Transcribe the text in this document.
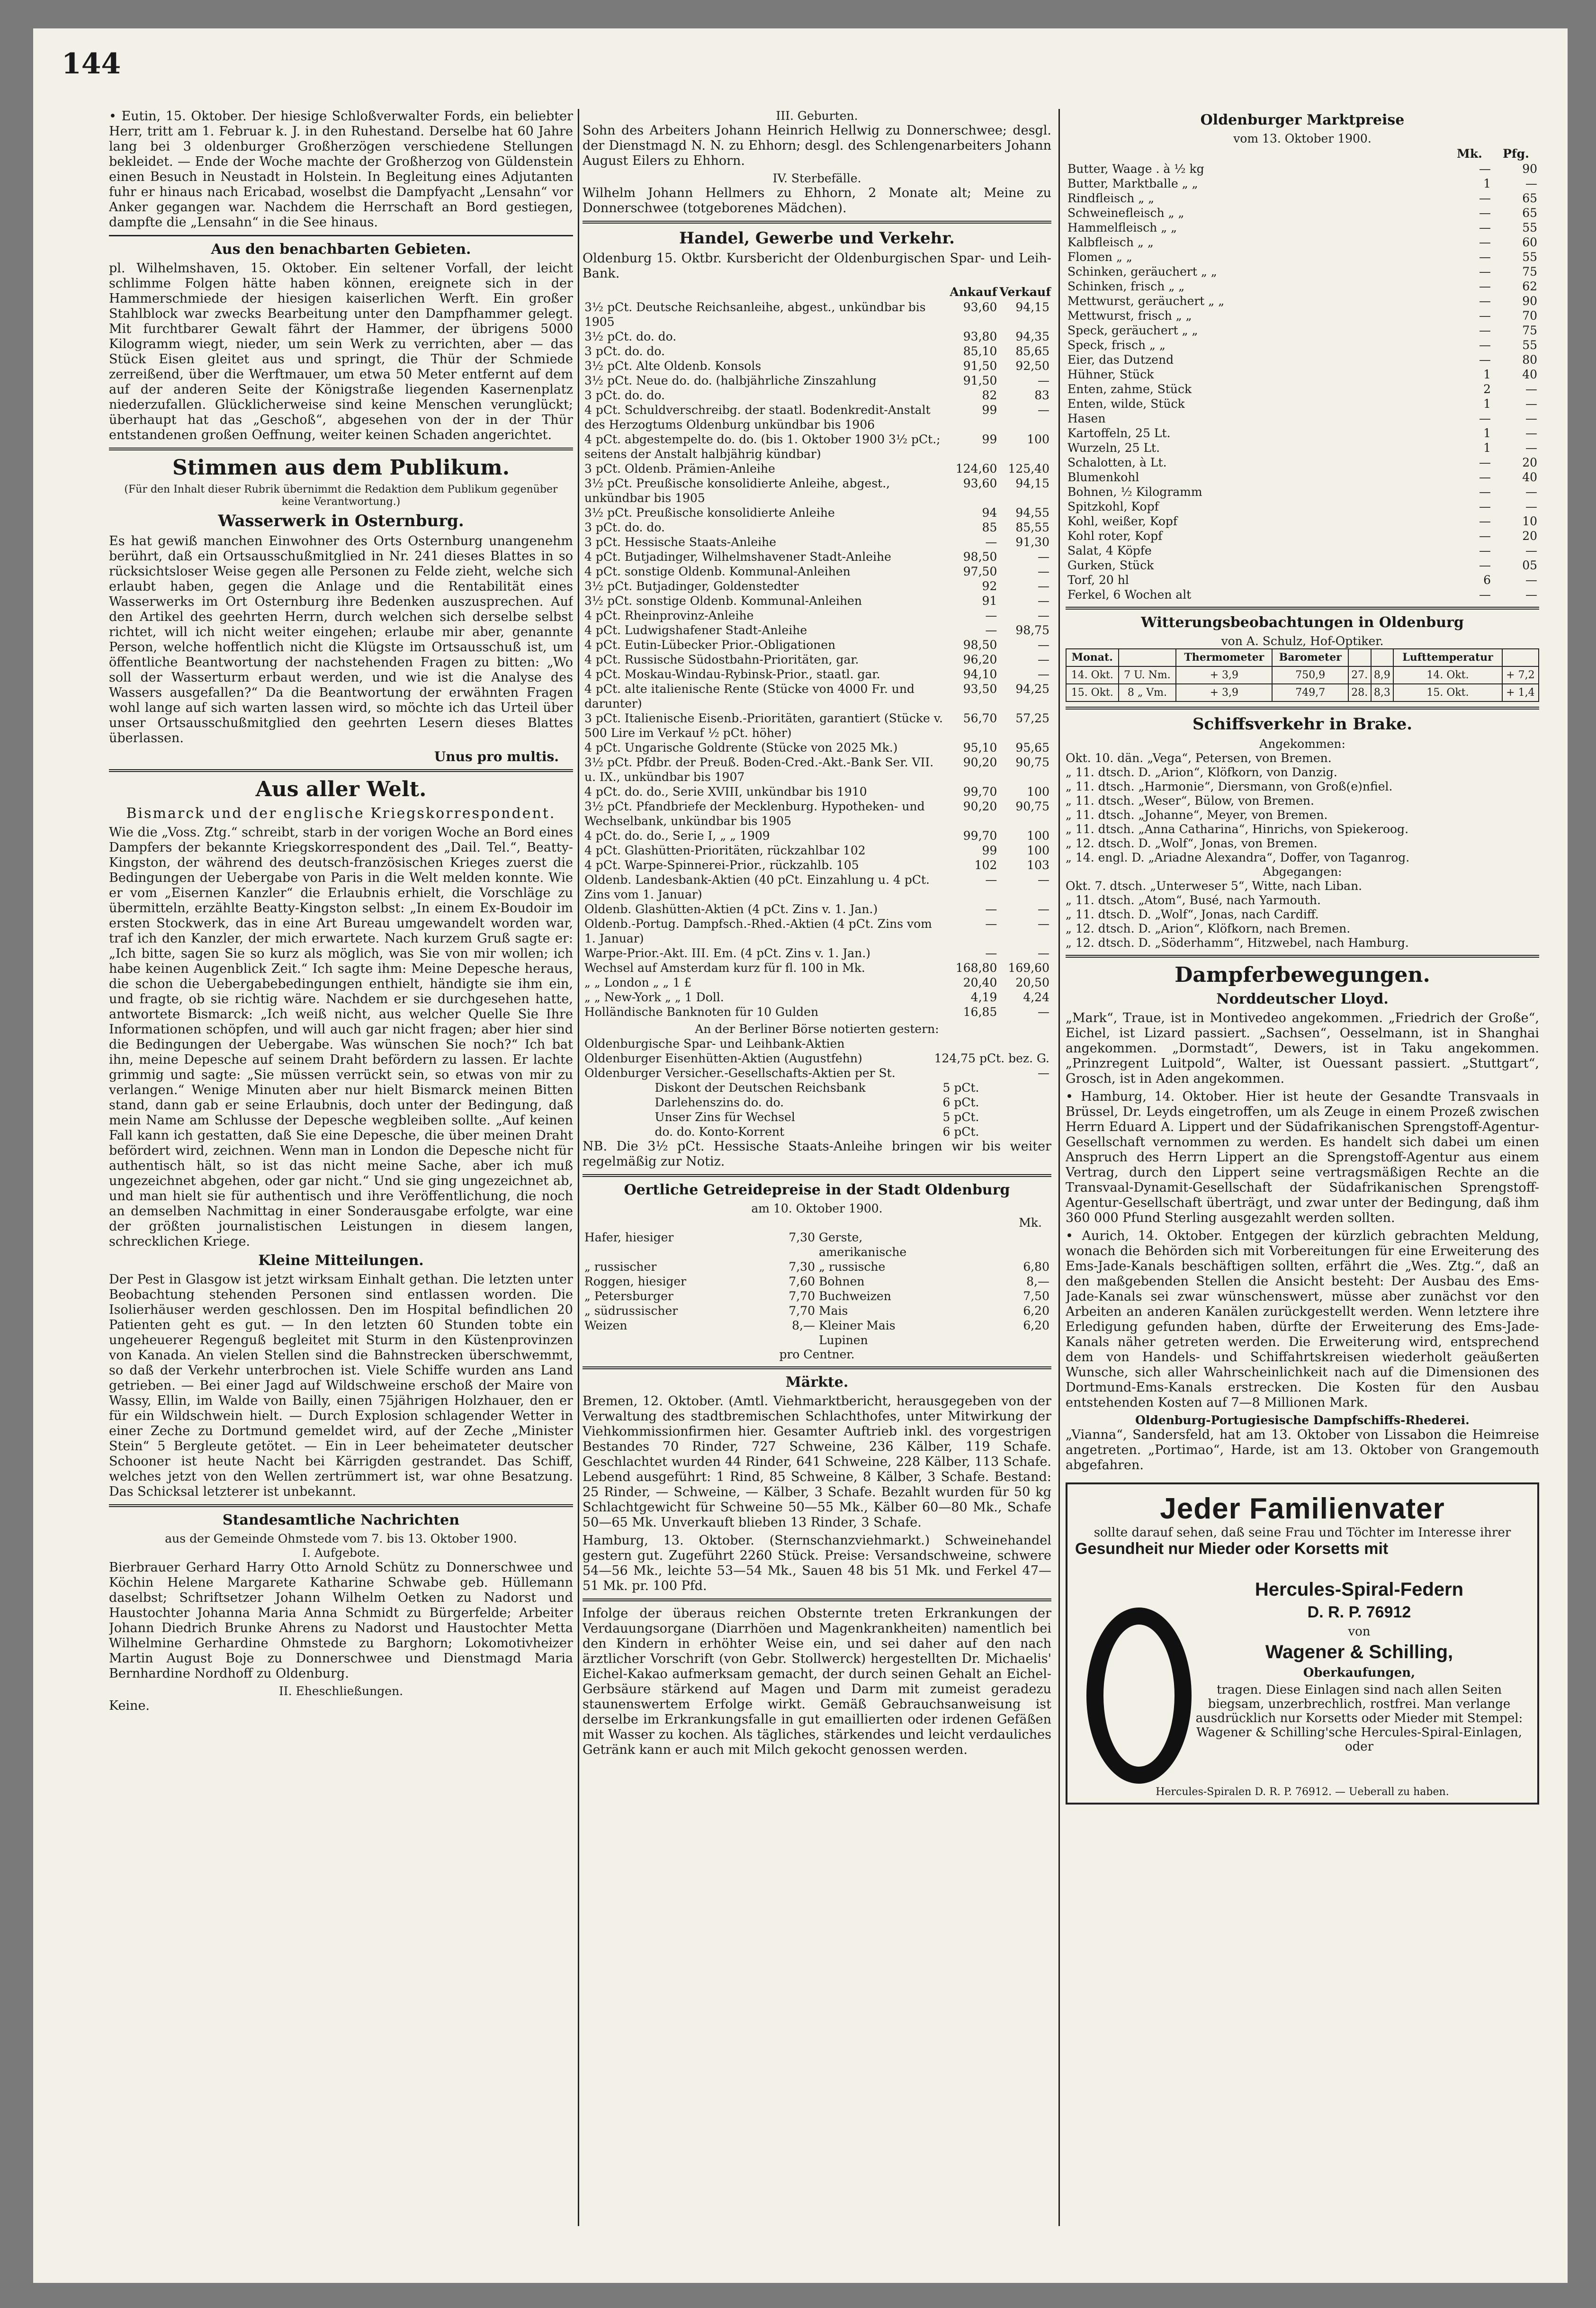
144

• Eutin, 15. Oktober. Der hiesige Schloßverwalter Fords, ein beliebter Herr, tritt am 1. Februar k. J. in den Ruhestand. Derselbe hat 60 Jahre lang bei 3 oldenburger Großherzögen verschiedene Stellungen bekleidet. — Ende der Woche machte der Großherzog von Güldenstein einen Besuch in Neustadt in Holstein. In Begleitung eines Adjutanten fuhr er hinaus nach Ericabad, woselbst die Dampfyacht „Lensahn“ vor Anker gegangen war. Nachdem die Herrschaft an Bord gestiegen, dampfte die „Lensahn“ in die See hinaus.

Aus den benachbarten Gebieten.

pl. Wilhelmshaven, 15. Oktober. Ein seltener Vorfall, der leicht schlimme Folgen hätte haben können, ereignete sich in der Hammerschmiede der hiesigen kaiserlichen Werft. Ein großer Stahlblock war zwecks Bearbeitung unter den Dampfhammer gelegt. Mit furchtbarer Gewalt fährt der Hammer, der übrigens 5000 Kilogramm wiegt, nieder, um sein Werk zu verrichten, aber — das Stück Eisen gleitet aus und springt, die Thür der Schmiede zerreißend, über die Werftmauer, um etwa 50 Meter entfernt auf dem auf der anderen Seite der Königstraße liegenden Kasernenplatz niederzufallen. Glücklicherweise sind keine Menschen verunglückt; überhaupt hat das „Geschoß“, abgesehen von der in der Thür entstandenen großen Oeffnung, weiter keinen Schaden angerichtet.

Stimmen aus dem Publikum.
(Für den Inhalt dieser Rubrik übernimmt die Redaktion dem Publikum gegenüber keine Verantwortung.)
Wasserwerk in Osternburg.

Es hat gewiß manchen Einwohner des Orts Osternburg unangenehm berührt, daß ein Ortsausschußmitglied in Nr. 241 dieses Blattes in so rücksichtsloser Weise gegen alle Personen zu Felde zieht, welche sich erlaubt haben, gegen die Anlage und die Rentabilität eines Wasserwerks im Ort Osternburg ihre Bedenken auszusprechen. Auf den Artikel des geehrten Herrn, durch welchen sich derselbe selbst richtet, will ich nicht weiter eingehen; erlaube mir aber, genannte Person, welche hoffentlich nicht die Klügste im Ortsausschuß ist, um öffentliche Beantwortung der nachstehenden Fragen zu bitten: „Wo soll der Wasserturm erbaut werden, und wie ist die Analyse des Wassers ausgefallen?“ Da die Beantwortung der erwähnten Fragen wohl lange auf sich warten lassen wird, so möchte ich das Urteil über unser Ortsausschußmitglied den geehrten Lesern dieses Blattes überlassen.

Unus pro multis.
Aus aller Welt.
Bismarck und der englische Kriegskorrespondent.

Wie die „Voss. Ztg.“ schreibt, starb in der vorigen Woche an Bord eines Dampfers der bekannte Kriegskorrespondent des „Dail. Tel.“, Beatty-Kingston, der während des deutsch-französischen Krieges zuerst die Bedingungen der Uebergabe von Paris in die Welt melden konnte. Wie er vom „Eisernen Kanzler“ die Erlaubnis erhielt, die Vorschläge zu übermitteln, erzählte Beatty-Kingston selbst: „In einem Ex-Boudoir im ersten Stockwerk, das in eine Art Bureau umgewandelt worden war, traf ich den Kanzler, der mich erwartete. Nach kurzem Gruß sagte er: „Ich bitte, sagen Sie so kurz als möglich, was Sie von mir wollen; ich habe keinen Augenblick Zeit.“ Ich sagte ihm: Meine Depesche heraus, die schon die Uebergabebedingungen enthielt, händigte sie ihm ein, und fragte, ob sie richtig wäre. Nachdem er sie durchgesehen hatte, antwortete Bismarck: „Ich weiß nicht, aus welcher Quelle Sie Ihre Informationen schöpfen, und will auch gar nicht fragen; aber hier sind die Bedingungen der Uebergabe. Was wünschen Sie noch?“ Ich bat ihn, meine Depesche auf seinem Draht befördern zu lassen. Er lachte grimmig und sagte: „Sie müssen verrückt sein, so etwas von mir zu verlangen.“ Wenige Minuten aber nur hielt Bismarck meinen Bitten stand, dann gab er seine Erlaubnis, doch unter der Bedingung, daß mein Name am Schlusse der Depesche wegbleiben sollte. „Auf keinen Fall kann ich gestatten, daß Sie eine Depesche, die über meinen Draht befördert wird, zeichnen. Wenn man in London die Depesche nicht für authentisch hält, so ist das nicht meine Sache, aber ich muß ungezeichnet abgehen, oder gar nicht.“ Und sie ging ungezeichnet ab, und man hielt sie für authentisch und ihre Veröffentlichung, die noch an demselben Nachmittag in einer Sonderausgabe erfolgte, war eine der größten journalistischen Leistungen in diesem langen, schrecklichen Kriege.

Kleine Mitteilungen.

Der Pest in Glasgow ist jetzt wirksam Einhalt gethan. Die letzten unter Beobachtung stehenden Personen sind entlassen worden. Die Isolierhäuser werden geschlossen. Den im Hospital befindlichen 20 Patienten geht es gut. — In den letzten 60 Stunden tobte ein ungeheuerer Regenguß begleitet mit Sturm in den Küstenprovinzen von Kanada. An vielen Stellen sind die Bahnstrecken überschwemmt, so daß der Verkehr unterbrochen ist. Viele Schiffe wurden ans Land getrieben. — Bei einer Jagd auf Wildschweine erschoß der Maire von Wassy, Ellin, im Walde von Bailly, einen 75jährigen Holzhauer, den er für ein Wildschwein hielt. — Durch Explosion schlagender Wetter in einer Zeche zu Dortmund gemeldet wird, auf der Zeche „Minister Stein“ 5 Bergleute getötet. — Ein in Leer beheimateter deutscher Schooner ist heute Nacht bei Kärrigden gestrandet. Das Schiff, welches jetzt von den Wellen zertrümmert ist, war ohne Besatzung. Das Schicksal letzterer ist unbekannt.

Standesamtliche Nachrichten
aus der Gemeinde Ohmstede vom 7. bis 13. Oktober 1900.
I. Aufgebote.

Bierbrauer Gerhard Harry Otto Arnold Schütz zu Donnerschwee und Köchin Helene Margarete Katharine Schwabe geb. Hüllemann daselbst; Schriftsetzer Johann Wilhelm Oetken zu Nadorst und Haustochter Johanna Maria Anna Schmidt zu Bürgerfelde; Arbeiter Johann Diedrich Brunke Ahrens zu Nadorst und Haustochter Metta Wilhelmine Gerhardine Ohmstede zu Barghorn; Lokomotivheizer Martin August Boje zu Donnerschwee und Dienstmagd Maria Bernhardine Nordhoff zu Oldenburg.

II. Eheschließungen.

Keine.

III. Geburten.

Sohn des Arbeiters Johann Heinrich Hellwig zu Donnerschwee; desgl. der Dienstmagd N. N. zu Ehhorn; desgl. des Schlengenarbeiters Johann August Eilers zu Ehhorn.

IV. Sterbefälle.

Wilhelm Johann Hellmers zu Ehhorn, 2 Monate alt; Meine zu Donnerschwee (totgeborenes Mädchen).

Handel, Gewerbe und Verkehr.

Oldenburg 15. Oktbr. Kursbericht der Oldenburgischen Spar- und Leih-Bank.

	Ankauf	Verkauf
3½ pCt. Deutsche Reichsanleihe, abgest., unkündbar bis 1905	93,60	94,15
3½ pCt. do. do.	93,80	94,35
3 pCt. do. do.	85,10	85,65
3½ pCt. Alte Oldenb. Konsols	91,50	92,50
3½ pCt. Neue do. do. (halbjährliche Zinszahlung	91,50	—
3 pCt. do. do.	82	83
4 pCt. Schuldverschreibg. der staatl. Bodenkredit-Anstalt des Herzogtums Oldenburg unkündbar bis 1906	99	—
4 pCt. abgestempelte do. do. (bis 1. Oktober 1900 3½ pCt.; seitens der Anstalt halbjährig kündbar)	99	100
3 pCt. Oldenb. Prämien-Anleihe	124,60	125,40
3½ pCt. Preußische konsolidierte Anleihe, abgest., unkündbar bis 1905	93,60	94,15
3½ pCt. Preußische konsolidierte Anleihe	94	94,55
3 pCt. do. do.	85	85,55
3 pCt. Hessische Staats-Anleihe	—	91,30
4 pCt. Butjadinger, Wilhelmshavener Stadt-Anleihe	98,50	—
4 pCt. sonstige Oldenb. Kommunal-Anleihen	97,50	—
3½ pCt. Butjadinger, Goldenstedter	92	—
3½ pCt. sonstige Oldenb. Kommunal-Anleihen	91	—
4 pCt. Rheinprovinz-Anleihe	—	—
4 pCt. Ludwigshafener Stadt-Anleihe	—	98,75
4 pCt. Eutin-Lübecker Prior.-Obligationen	98,50	—
4 pCt. Russische Südostbahn-Prioritäten, gar.	96,20	—
4 pCt. Moskau-Windau-Rybinsk-Prior., staatl. gar.	94,10	—
4 pCt. alte italienische Rente (Stücke von 4000 Fr. und darunter)	93,50	94,25
3 pCt. Italienische Eisenb.-Prioritäten, garantiert (Stücke v. 500 Lire im Verkauf ½ pCt. höher)	56,70	57,25
4 pCt. Ungarische Goldrente (Stücke von 2025 Mk.)	95,10	95,65
3½ pCt. Pfdbr. der Preuß. Boden-Cred.-Akt.-Bank Ser. VII. u. IX., unkündbar bis 1907	90,20	90,75
4 pCt. do. do., Serie XVIII, unkündbar bis 1910	99,70	100
3½ pCt. Pfandbriefe der Mecklenburg. Hypotheken- und Wechselbank, unkündbar bis 1905	90,20	90,75
4 pCt. do. do., Serie I, „ „ 1909	99,70	100
4 pCt. Glashütten-Prioritäten, rückzahlbar 102	99	100
4 pCt. Warpe-Spinnerei-Prior., rückzahlb. 105	102	103
Oldenb. Landesbank-Aktien (40 pCt. Einzahlung u. 4 pCt. Zins vom 1. Januar)	—	—
Oldenb. Glashütten-Aktien (4 pCt. Zins v. 1. Jan.)	—	—
Oldenb.-Portug. Dampfsch.-Rhed.-Aktien (4 pCt. Zins vom 1. Januar)	—	—
Warpe-Prior.-Akt. III. Em. (4 pCt. Zins v. 1. Jan.)	—	—
Wechsel auf Amsterdam kurz für fl. 100 in Mk.	168,80	169,60
„ „ London „ „ 1 £	20,40	20,50
„ „ New-York „ „ 1 Doll.	4,19	4,24
Holländische Banknoten für 10 Gulden	16,85	—
An der Berliner Börse notierten gestern:
Oldenburgische Spar- und Leihbank-Aktien	
Oldenburger Eisenhütten-Aktien (Augustfehn)	124,75 pCt. bez. G.
Oldenburger Versicher.-Gesellschafts-Aktien per St.	—
Diskont der Deutschen Reichsbank	5 pCt.
Darlehenszins do. do.	6 pCt.
Unser Zins für Wechsel	5 pCt.
do. do. Konto-Korrent	6 pCt.

NB. Die 3½ pCt. Hessische Staats-Anleihe bringen wir bis weiter regelmäßig zur Notiz.

Oertliche Getreidepreise in der Stadt Oldenburg
am 10. Oktober 1900.
Mk.
Hafer, hiesiger	7,30	Gerste, amerikanische	
„ russischer	7,30	„ russische	6,80
Roggen, hiesiger	7,60	Bohnen	8,—
„ Petersburger	7,70	Buchweizen	7,50
„ südrussischer	7,70	Mais	6,20
Weizen	8,—	Kleiner Mais	6,20
		Lupinen	
pro Centner.
Märkte.

Bremen, 12. Oktober. (Amtl. Viehmarktbericht, herausgegeben von der Verwaltung des stadtbremischen Schlachthofes, unter Mitwirkung der Viehkommissionfirmen hier. Gesamter Auftrieb inkl. des vorgestrigen Bestandes 70 Rinder, 727 Schweine, 236 Kälber, 119 Schafe. Geschlachtet wurden 44 Rinder, 641 Schweine, 228 Kälber, 113 Schafe. Lebend ausgeführt: 1 Rind, 85 Schweine, 8 Kälber, 3 Schafe. Bestand: 25 Rinder, — Schweine, — Kälber, 3 Schafe. Bezahlt wurden für 50 kg Schlachtgewicht für Schweine 50—55 Mk., Kälber 60—80 Mk., Schafe 50—65 Mk. Unverkauft blieben 13 Rinder, 3 Schafe.

Hamburg, 13. Oktober. (Sternschanzviehmarkt.) Schweinehandel gestern gut. Zugeführt 2260 Stück. Preise: Versandschweine, schwere 54—56 Mk., leichte 53—54 Mk., Sauen 48 bis 51 Mk. und Ferkel 47—51 Mk. pr. 100 Pfd.

Infolge der überaus reichen Obsternte treten Erkrankungen der Verdauungsorgane (Diarrhöen und Magenkrankheiten) namentlich bei den Kindern in erhöhter Weise ein, und sei daher auf den nach ärztlicher Vorschrift (von Gebr. Stollwerck) hergestellten Dr. Michaelis' Eichel-Kakao aufmerksam gemacht, der durch seinen Gehalt an Eichel-Gerbsäure stärkend auf Magen und Darm mit zumeist geradezu staunenswertem Erfolge wirkt. Gemäß Gebrauchsanweisung ist derselbe im Erkrankungsfalle in gut emaillierten oder irdenen Gefäßen mit Wasser zu kochen. Als tägliches, stärkendes und leicht verdauliches Getränk kann er auch mit Milch gekocht genossen werden.

Oldenburger Marktpreise
vom 13. Oktober 1900.
	Mk.	Pfg.
Butter, Waage . à ½ kg	—	90
Butter, Marktballe „ „	1	—
Rindfleisch „ „	—	65
Schweinefleisch „ „	—	65
Hammelfleisch „ „	—	55
Kalbfleisch „ „	—	60
Flomen „ „	—	55
Schinken, geräuchert „ „	—	75
Schinken, frisch „ „	—	62
Mettwurst, geräuchert „ „	—	90
Mettwurst, frisch „ „	—	70
Speck, geräuchert „ „	—	75
Speck, frisch „ „	—	55
Eier, das Dutzend	—	80
Hühner, Stück	1	40
Enten, zahme, Stück	2	—
Enten, wilde, Stück	1	—
Hasen	—	—
Kartoffeln, 25 Lt.	1	—
Wurzeln, 25 Lt.	1	—
Schalotten, à Lt.	—	20
Blumenkohl	—	40
Bohnen, ½ Kilogramm	—	—
Spitzkohl, Kopf	—	—
Kohl, weißer, Kopf	—	10
Kohl roter, Kopf	—	20
Salat, 4 Köpfe	—	—
Gurken, Stück	—	05
Torf, 20 hl	6	—
Ferkel, 6 Wochen alt	—	—
Witterungsbeobachtungen in Oldenburg
von A. Schulz, Hof-Optiker.
Monat.		Thermometer	Barometer			Lufttemperatur	
14. Okt.	7 U. Nm.	+ 3,9	750,9	27.	8,9	14. Okt.	+ 7,2
15. Okt.	8 „ Vm.	+ 3,9	749,7	28.	8,3	15. Okt.	+ 1,4
Schiffsverkehr in Brake.
Angekommen:
Okt. 10. dän. „Vega“, Petersen, von Bremen.
„ 11. dtsch. D. „Arion“, Klöfkorn, von Danzig.
„ 11. dtsch. „Harmonie“, Diersmann, von Groß(e)nfiel.
„ 11. dtsch. „Weser“, Bülow, von Bremen.
„ 11. dtsch. „Johanne“, Meyer, von Bremen.
„ 11. dtsch. „Anna Catharina“, Hinrichs, von Spiekeroog.
„ 12. dtsch. D. „Wolf“, Jonas, von Bremen.
„ 14. engl. D. „Ariadne Alexandra“, Doffer, von Taganrog.
Abgegangen:
Okt. 7. dtsch. „Unterweser 5“, Witte, nach Liban.
„ 11. dtsch. „Atom“, Busé, nach Yarmouth.
„ 11. dtsch. D. „Wolf“, Jonas, nach Cardiff.
„ 12. dtsch. D. „Arion“, Klöfkorn, nach Bremen.
„ 12. dtsch. D. „Söderhamm“, Hitzwebel, nach Hamburg.
Dampferbewegungen.
Norddeutscher Lloyd.

„Mark“, Traue, ist in Montivedeo angekommen. „Friedrich der Große“, Eichel, ist Lizard passiert. „Sachsen“, Oesselmann, ist in Shanghai angekommen. „Dormstadt“, Dewers, ist in Taku angekommen. „Prinzregent Luitpold“, Walter, ist Ouessant passiert. „Stuttgart“, Grosch, ist in Aden angekommen.

• Hamburg, 14. Oktober. Hier ist heute der Gesandte Transvaals in Brüssel, Dr. Leyds eingetroffen, um als Zeuge in einem Prozeß zwischen Herrn Eduard A. Lippert und der Südafrikanischen Sprengstoff-Agentur-Gesellschaft vernommen zu werden. Es handelt sich dabei um einen Anspruch des Herrn Lippert an die Sprengstoff-Agentur aus einem Vertrag, durch den Lippert seine vertragsmäßigen Rechte an die Transvaal-Dynamit-Gesellschaft der Südafrikanischen Sprengstoff-Agentur-Gesellschaft überträgt, und zwar unter der Bedingung, daß ihm 360 000 Pfund Sterling ausgezahlt werden sollten.

• Aurich, 14. Oktober. Entgegen der kürzlich gebrachten Meldung, wonach die Behörden sich mit Vorbereitungen für eine Erweiterung des Ems-Jade-Kanals beschäftigen sollten, erfährt die „Wes. Ztg.“, daß an den maßgebenden Stellen die Ansicht besteht: Der Ausbau des Ems-Jade-Kanals sei zwar wünschenswert, müsse aber zunächst vor den Arbeiten an anderen Kanälen zurückgestellt werden. Wenn letztere ihre Erledigung gefunden haben, dürfte der Erweiterung des Ems-Jade-Kanals näher getreten werden. Die Erweiterung wird, entsprechend dem von Handels- und Schiffahrtskreisen wiederholt geäußerten Wunsche, sich aller Wahrscheinlichkeit nach auf die Dimensionen des Dortmund-Ems-Kanals erstrecken. Die Kosten für den Ausbau entstehenden Kosten auf 7—8 Millionen Mark.

Oldenburg-Portugiesische Dampfschiffs-Rhederei.

„Vianna“, Sandersfeld, hat am 13. Oktober von Lissabon die Heimreise angetreten. „Portimao“, Harde, ist am 13. Oktober von Grangemouth abgefahren.

Jeder Familienvater
sollte darauf sehen, daß seine Frau und Töchter im Interesse ihrer
Gesundheit nur Mieder oder Korsetts mit
Hercules-Spiral-Federn
D. R. P. 76912
von
Wagener & Schilling,
Oberkaufungen,
tragen. Diese Einlagen sind nach allen Seiten biegsam, unzerbrechlich, rostfrei. Man verlange ausdrücklich nur Korsetts oder Mieder mit Stempel: Wagener & Schilling'sche Hercules-Spiral-Einlagen, oder
Hercules-Spiralen D. R. P. 76912. — Ueberall zu haben.
